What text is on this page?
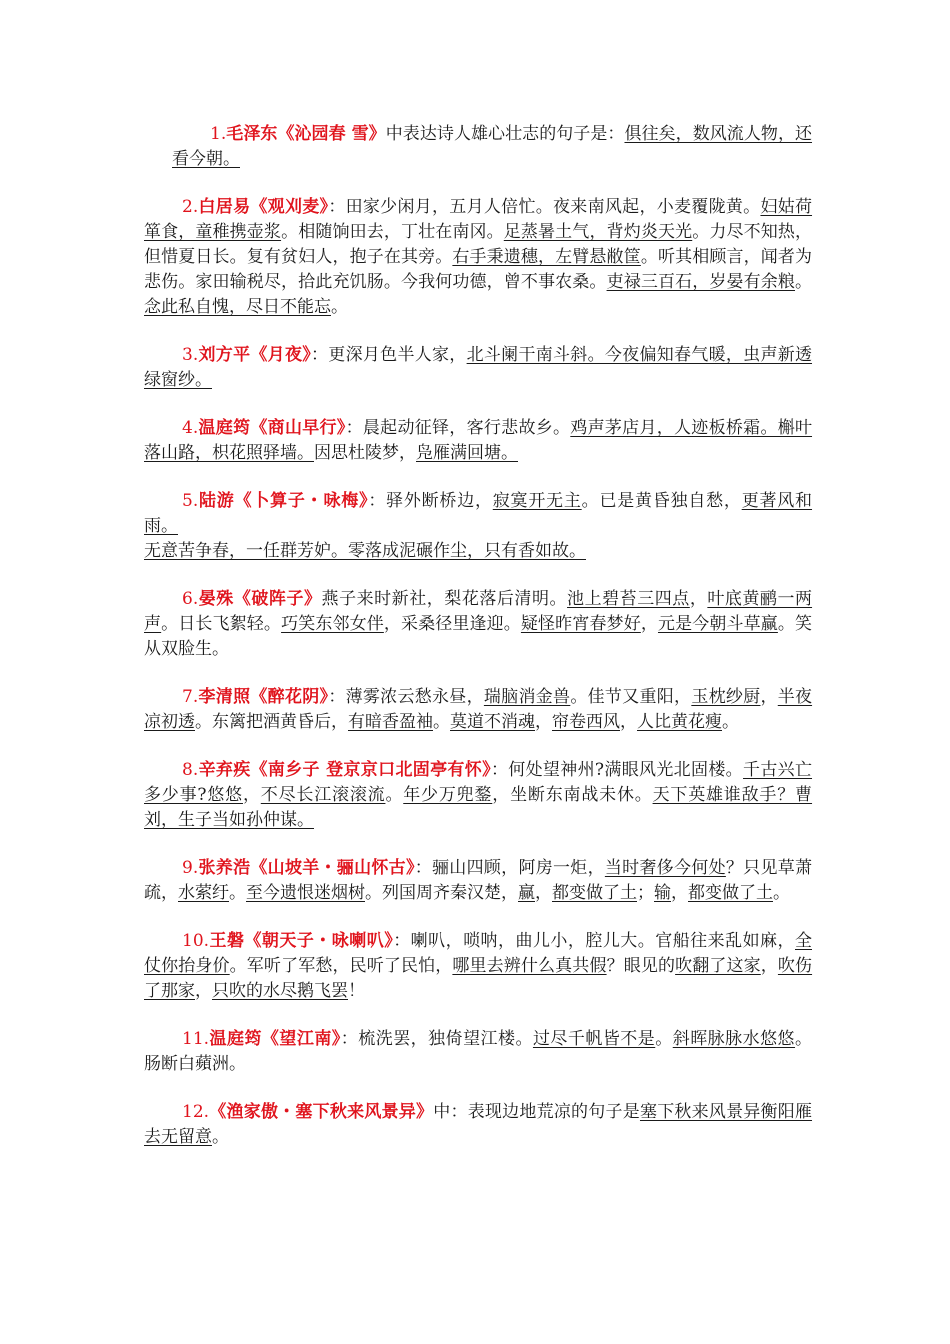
1.毛泽东《沁园春 雪》中表达诗人雄心壮志的句子是：俱往矣，数风流人物，还看今朝。
2.白居易《观刈麦》：田家少闲月，五月人倍忙。夜来南风起，小麦覆陇黄。妇姑荷箪食，童稚携壶浆。相随饷田去，丁壮在南冈。足蒸暑土气，背灼炎天光。力尽不知热，但惜夏日长。复有贫妇人，抱子在其旁。右手秉遗穗，左臂悬敝筐。听其相顾言，闻者为悲伤。家田输税尽，拾此充饥肠。今我何功德，曾不事农桑。吏禄三百石，岁晏有余粮。念此私自愧，尽日不能忘。
3.刘方平《月夜》：更深月色半人家，北斗阑干南斗斜。今夜偏知春气暖，虫声新透绿窗纱。
4.温庭筠《商山早行》：晨起动征铎，客行悲故乡。鸡声茅店月，人迹板桥霜。槲叶落山路，枳花照驿墙。因思杜陵梦，凫雁满回塘。
5.陆游《卜算子・咏梅》：驿外断桥边，寂寞开无主。已是黄昏独自愁，更著风和雨。
无意苦争春，一任群芳妒。零落成泥碾作尘，只有香如故。
6.晏殊《破阵子》燕子来时新社，梨花落后清明。池上碧苔三四点，叶底黄鹂一两声。日长飞絮轻。巧笑东邻女伴，采桑径里逢迎。疑怪昨宵春梦好，元是今朝斗草赢。笑从双脸生。
7.李清照《醉花阴》：薄雾浓云愁永昼，瑞脑消金兽。佳节又重阳，玉枕纱厨，半夜凉初透。东篱把酒黄昏后，有暗香盈袖。莫道不消魂，帘卷西风，人比黄花瘦。
8.辛弃疾《南乡子 登京京口北固亭有怀》：何处望神州?满眼风光北固楼。千古兴亡多少事?悠悠，不尽长江滚滚流。年少万兜鍪，坐断东南战未休。天下英雄谁敌手？曹刘，生子当如孙仲谋。
9.张养浩《山坡羊・骊山怀古》：骊山四顾，阿房一炬，当时奢侈今何处？只见草萧疏，水萦纡。至今遗恨迷烟树。列国周齐秦汉楚，赢，都变做了土；输，都变做了土。
10.王磐《朝天子・咏喇叭》：喇叭，唢呐，曲儿小，腔儿大。官船往来乱如麻，全仗你抬身价。军听了军愁，民听了民怕，哪里去辨什么真共假？眼见的吹翻了这家，吹伤了那家，只吹的水尽鹅飞罢！
11.温庭筠《望江南》：梳洗罢，独倚望江楼。过尽千帆皆不是。斜晖脉脉水悠悠。肠断白蘋洲。
12.《渔家傲・塞下秋来风景异》中：表现边地荒凉的句子是塞下秋来风景异衡阳雁去无留意。
